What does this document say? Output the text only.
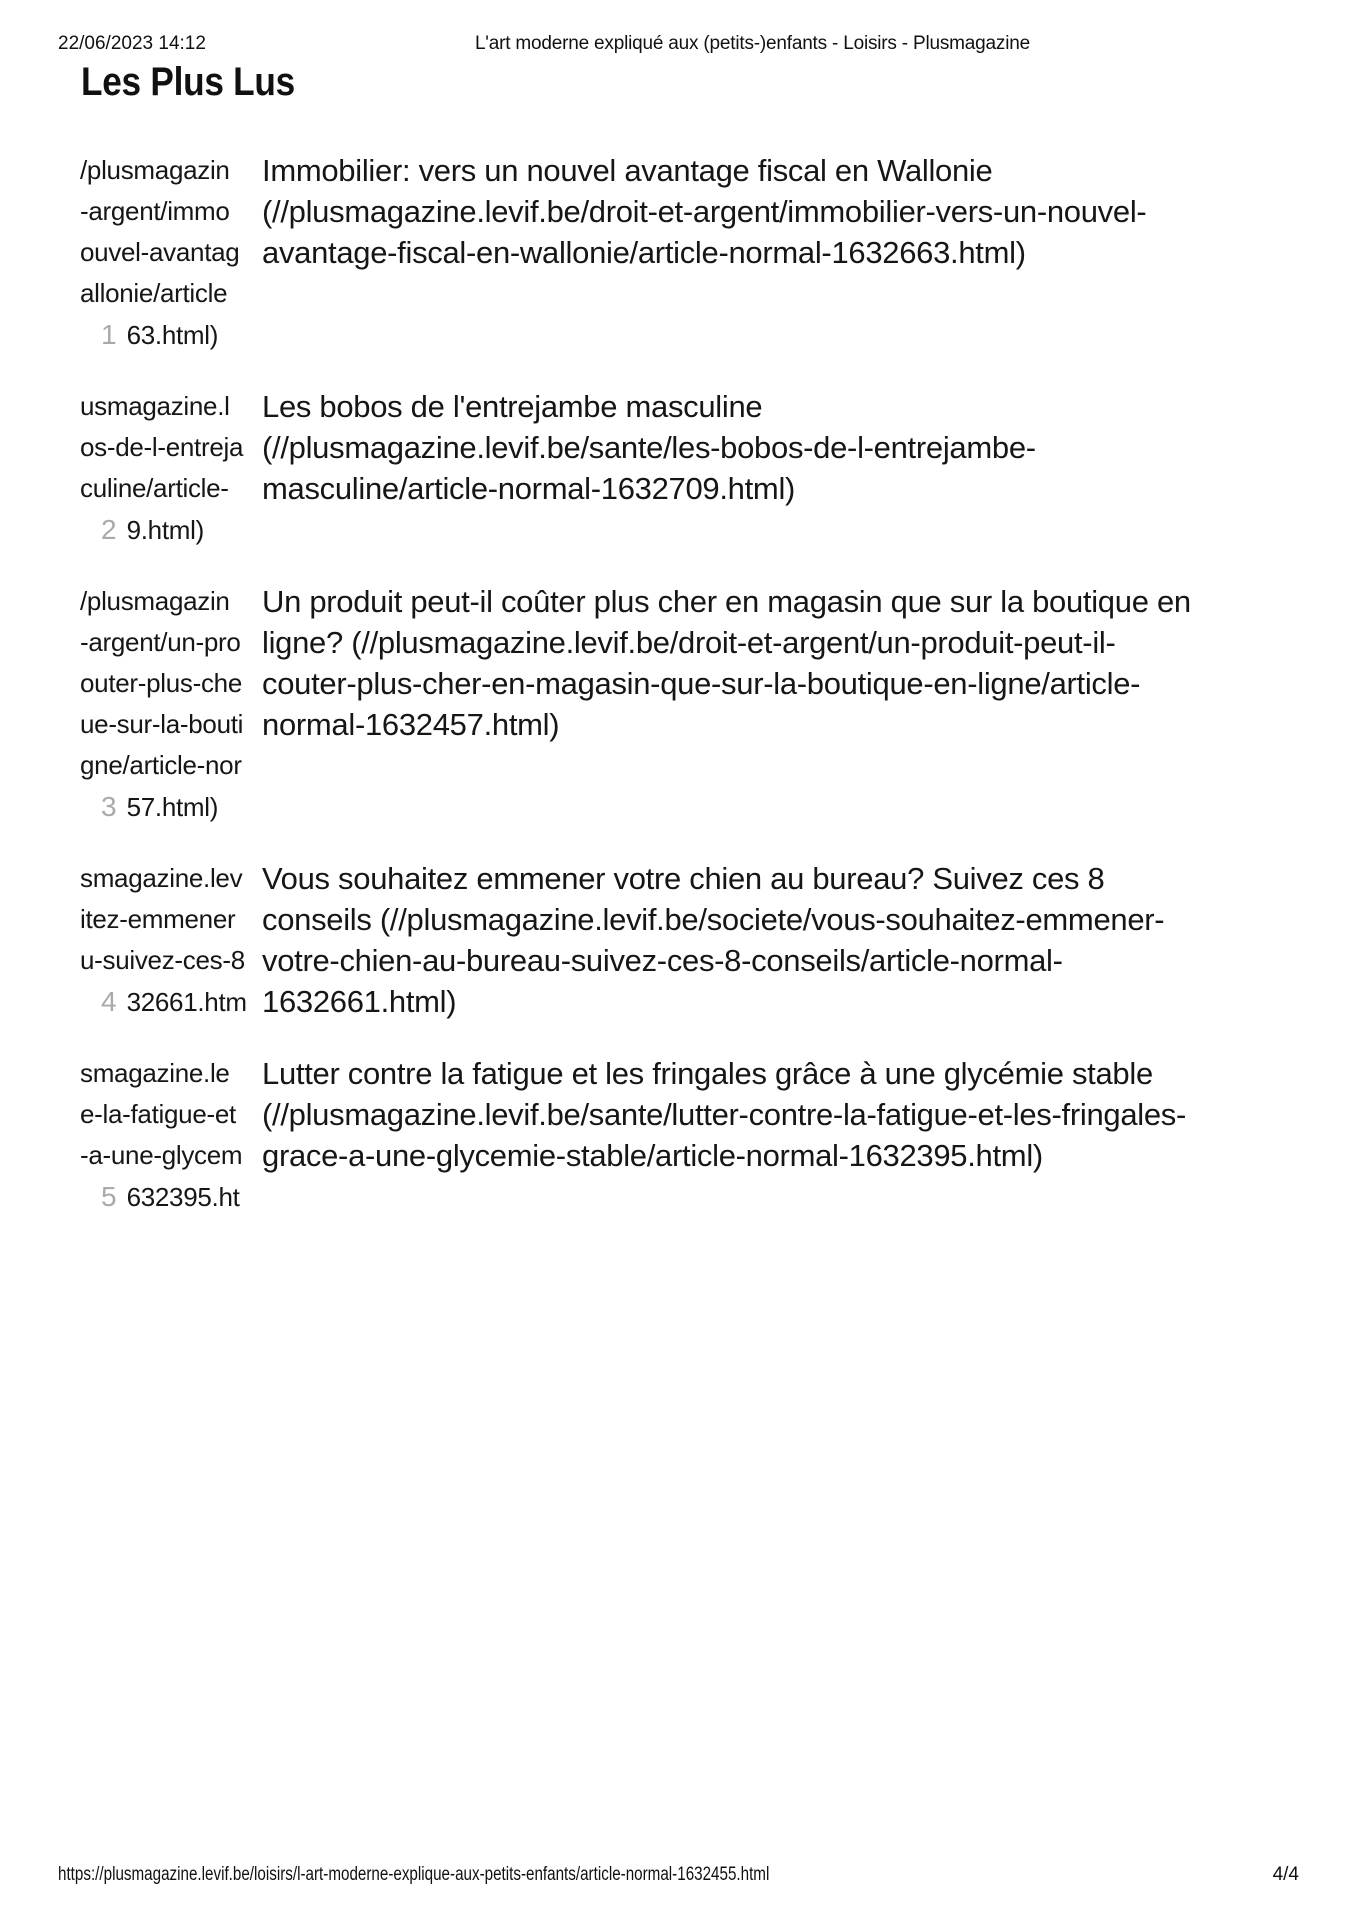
22/06/2023 14:12	L'art moderne expliqué aux (petits-)enfants - Loisirs - Plusmagazine
Les Plus Lus
/plusmagazin
-argent/immo
ouvel-avantag
allonie/article
1 63.html)
Immobilier: vers un nouvel avantage fiscal en Wallonie
(//plusmagazine.levif.be/droit-et-argent/immobilier-vers-un-nouvel-
avantage-fiscal-en-wallonie/article-normal-1632663.html)
usmagazine.l
os-de-l-entreja
culine/article-
2 9.html)
Les bobos de l'entrejambe masculine
(//plusmagazine.levif.be/sante/les-bobos-de-l-entrejambe-
masculine/article-normal-1632709.html)
/plusmagazin
-argent/un-pro
outer-plus-che
ue-sur-la-bouti
gne/article-nor
3 57.html)
Un produit peut-il coûter plus cher en magasin que sur la boutique en
ligne? (//plusmagazine.levif.be/droit-et-argent/un-produit-peut-il-
couter-plus-cher-en-magasin-que-sur-la-boutique-en-ligne/article-
normal-1632457.html)
smagazine.lev
itez-emmener
u-suivez-ces-8
4 32661.htm
Vous souhaitez emmener votre chien au bureau? Suivez ces 8
conseils (//plusmagazine.levif.be/societe/vous-souhaitez-emmener-
votre-chien-au-bureau-suivez-ces-8-conseils/article-normal-
1632661.html)
smagazine.le
e-la-fatigue-et
-a-une-glycem
5 632395.ht
Lutter contre la fatigue et les fringales grâce à une glycémie stable
(//plusmagazine.levif.be/sante/lutter-contre-la-fatigue-et-les-fringales-
grace-a-une-glycemie-stable/article-normal-1632395.html)
https://plusmagazine.levif.be/loisirs/l-art-moderne-explique-aux-petits-enfants/article-normal-1632455.html	4/4
